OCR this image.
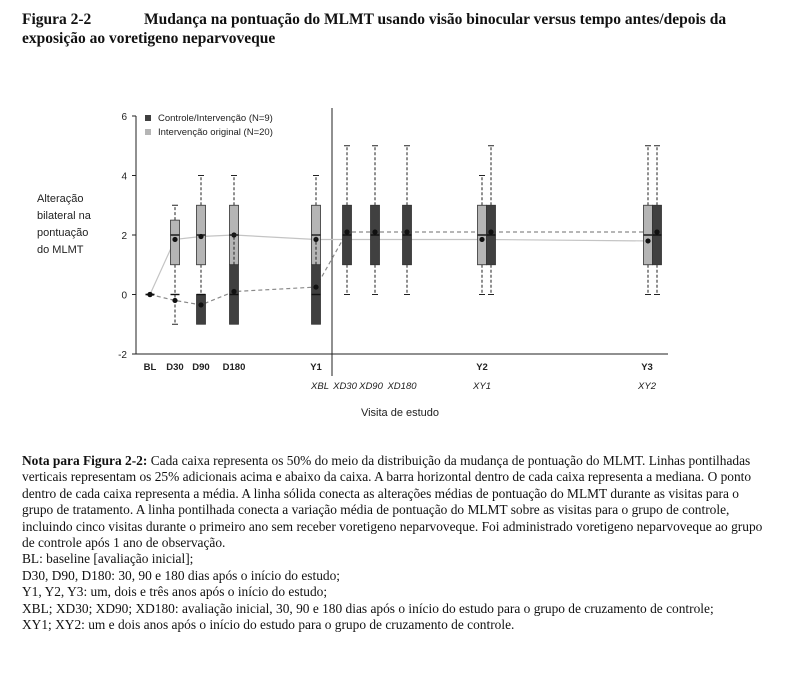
Figura 2-2	Mudança na pontuação do MLMT usando visão binocular versus tempo antes/depois da exposição ao voretigeno neparvoveque
-2
0
2
4
6	Controle/Intervenção (N=9)
Intervenção original (N=20)
Alteração
bilateral na
pontuação
do MLMT
BL D30 D90 D180	Y1	Y2	Y3
XBL XD30 XD90 XD180	XY1	XY2
Visita de estudo

Nota para Figura 2-2: Cada caixa representa os 50% do meio da distribuição da mudança de pontuação do MLMT. Linhas pontilhadas verticais representam os 25% adicionais acima e abaixo da caixa. A barra horizontal dentro de cada caixa representa a mediana. O ponto dentro de cada caixa representa a média. A linha sólida conecta as alterações médias de pontuação do MLMT durante as visitas para o grupo de tratamento. A linha pontilhada conecta a variação média de pontuação do MLMT sobre as visitas para o grupo de controle, incluindo cinco visitas durante o primeiro ano sem receber voretigeno neparvoveque. Foi administrado voretigeno neparvoveque ao grupo de controle após 1 ano de observação.

BL: baseline [avaliação inicial];

D30, D90, D180: 30, 90 e 180 dias após o início do estudo;

Y1, Y2, Y3: um, dois e três anos após o início do estudo;

XBL; XD30; XD90; XD180: avaliação inicial, 30, 90 e 180 dias após o início do estudo para o grupo de cruzamento de controle;

XY1; XY2: um e dois anos após o início do estudo para o grupo de cruzamento de controle.
